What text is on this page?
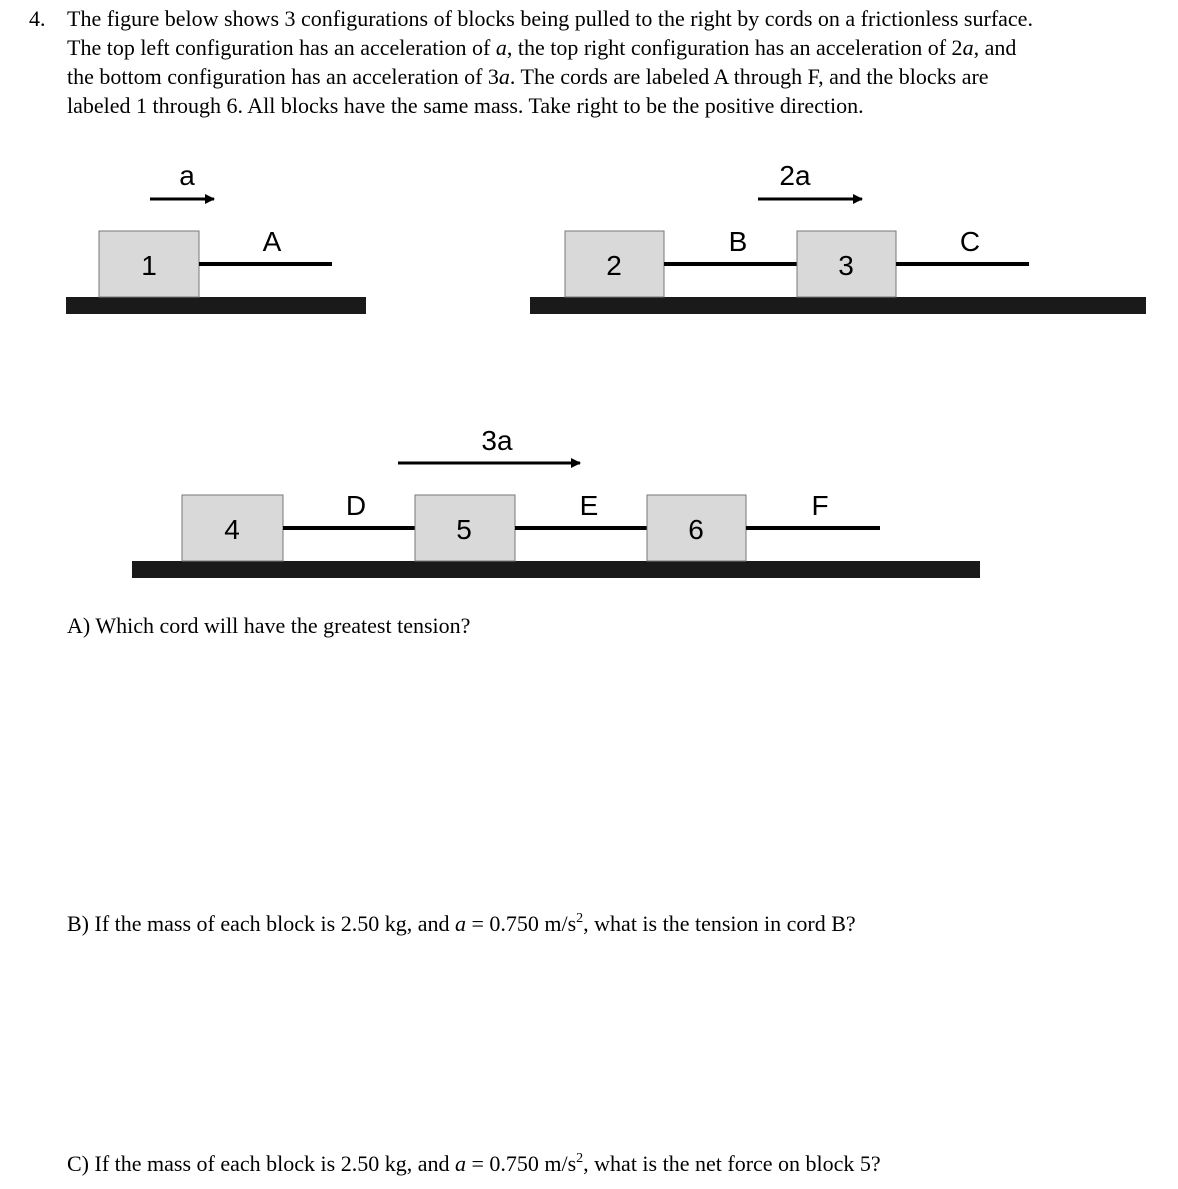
4. The figure below shows 3 configurations of blocks being pulled to the right by cords on a frictionless surface.
The top left configuration has an acceleration of a, the top right configuration has an acceleration of 2a, and
the bottom configuration has an acceleration of 3a. The cords are labeled A through F, and the blocks are
labeled 1 through 6. All blocks have the same mass. Take right to be the positive direction.
a
1
A
2a
2
B
3
C
3a
4
D
5
E
6
F
A) Which cord will have the greatest tension?
B) If the mass of each block is 2.50 kg, and a = 0.750 $m/s^2$, what is the tension in cord B?
C) If the mass of each block is 2.50 kg, and a = 0.750 $m/s^2$, what is the net force on block 5?
